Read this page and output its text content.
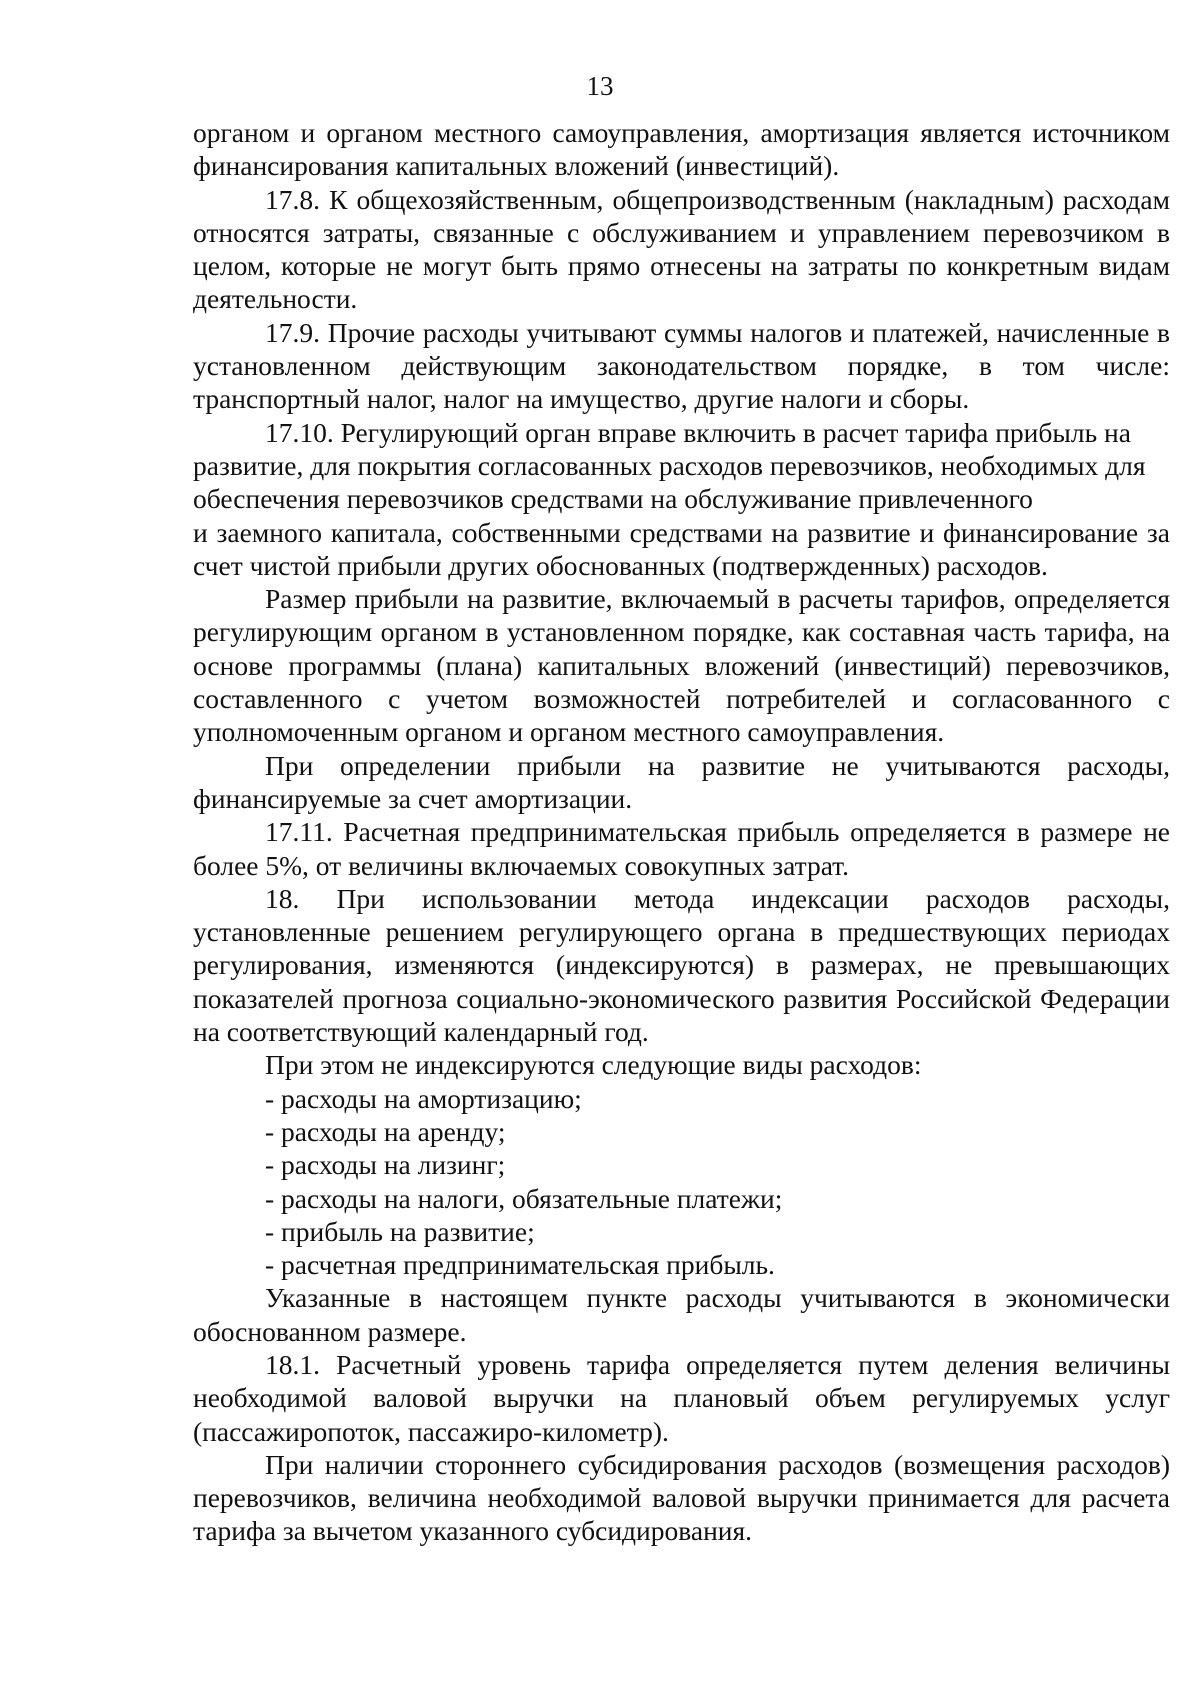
13

органом и органом местного самоуправления, амортизация является источником финансирования капитальных вложений (инвестиций).

17.8. К общехозяйственным, общепроизводственным (накладным) расходам относятся затраты, связанные с обслуживанием и управлением перевозчиком в целом, которые не могут быть прямо отнесены на затраты по конкретным видам деятельности.

17.9. Прочие расходы учитывают суммы налогов и платежей, начисленные в установленном действующим законодательством порядке, в том числе: транспортный налог, налог на имущество, другие налоги и сборы.

17.10. Регулирующий орган вправе включить в расчет тарифа прибыль на развитие, для покрытия согласованных расходов перевозчиков, необходимых для обеспечения перевозчиков средствами на обслуживание привлеченного

и заемного капитала, собственными средствами на развитие и финансирование за счет чистой прибыли других обоснованных (подтвержденных) расходов.

Размер прибыли на развитие, включаемый в расчеты тарифов, определяется регулирующим органом в установленном порядке, как составная часть тарифа, на основе программы (плана) капитальных вложений (инвестиций) перевозчиков, составленного с учетом возможностей потребителей и согласованного с уполномоченным органом и органом местного самоуправления.

При определении прибыли на развитие не учитываются расходы, финансируемые за счет амортизации.

17.11. Расчетная предпринимательская прибыль определяется в размере не более 5%, от величины включаемых совокупных затрат.

18. При использовании метода индексации расходов расходы, установленные решением регулирующего органа в предшествующих периодах регулирования, изменяются (индексируются) в размерах, не превышающих показателей прогноза социально-экономического развития Российской Федерации на соответствующий календарный год.

При этом не индексируются следующие виды расходов:

- расходы на амортизацию;

- расходы на аренду;

- расходы на лизинг;

- расходы на налоги, обязательные платежи;

- прибыль на развитие;

- расчетная предпринимательская прибыль.

Указанные в настоящем пункте расходы учитываются в экономически обоснованном размере.

18.1. Расчетный уровень тарифа определяется путем деления величины необходимой валовой выручки на плановый объем регулируемых услуг (пассажиропоток, пассажиро-километр).

При наличии стороннего субсидирования расходов (возмещения расходов) перевозчиков, величина необходимой валовой выручки принимается для расчета тарифа за вычетом указанного субсидирования.
